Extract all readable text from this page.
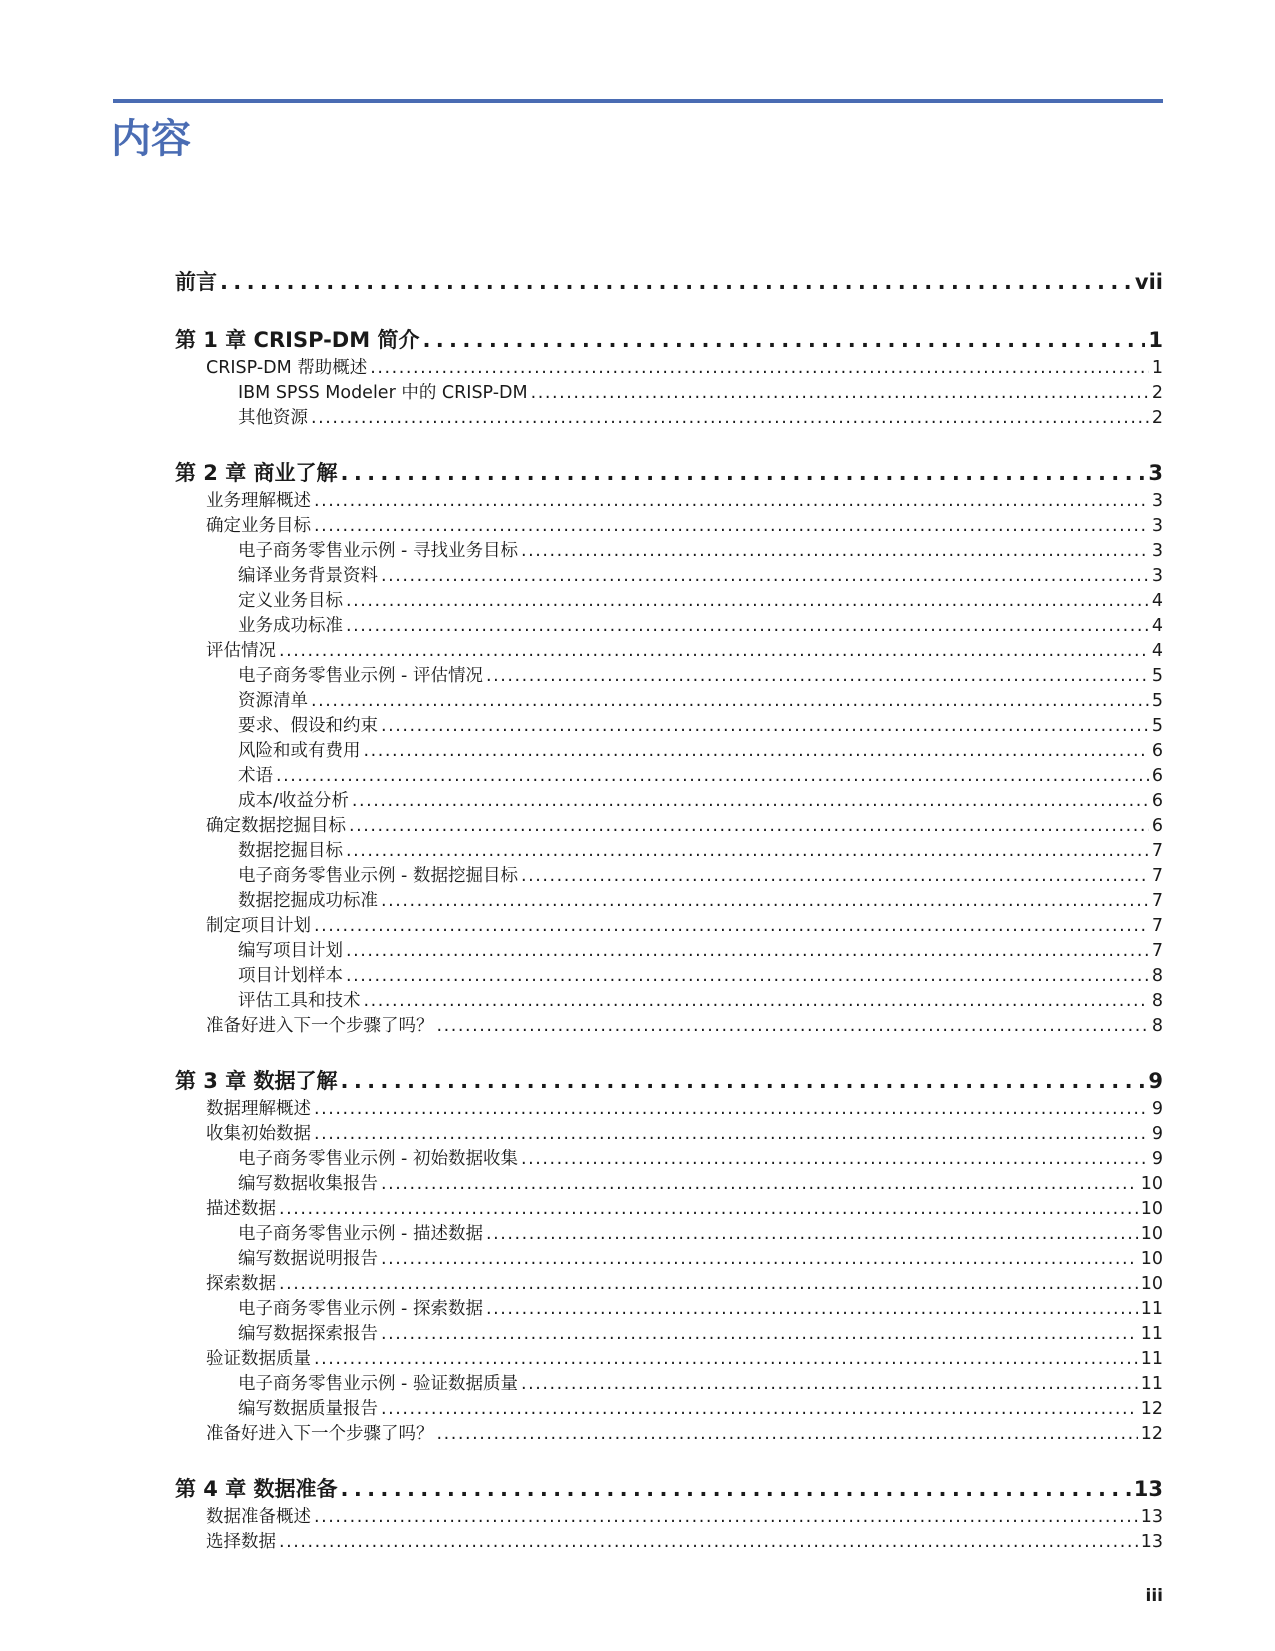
内容
前言 . . .	vii
第 1 章 CRISP-DM 简介 . . .	1
CRISP-DM 帮助概述 . . .	1
IBM SPSS Modeler 中的 CRISP-DM . . .	2
其他资源 . . .	2
第 2 章 商业了解 . . .	3
业务理解概述 . . .	3
确定业务目标 . . .	3
电子商务零售业示例 - 寻找业务目标 . . .	3
编译业务背景资料 . . .	3
定义业务目标 . . .	4
业务成功标准 . . .	4
评估情况 . . .	4
电子商务零售业示例 - 评估情况 . . .	5
资源清单 . . .	5
要求、假设和约束 . . .	5
风险和或有费用 . . .	6
术语 . . .	6
成本/收益分析 . . .	6
确定数据挖掘目标 . . .	6
数据挖掘目标 . . .	7
电子商务零售业示例 - 数据挖掘目标 . . .	7
数据挖掘成功标准 . . .	7
制定项目计划 . . .	7
编写项目计划 . . .	7
项目计划样本 . . .	8
评估工具和技术 . . .	8
准备好进入下一个步骤了吗？ . . .	8
第 3 章 数据了解 . . .	9
数据理解概述 . . .	9
收集初始数据 . . .	9
电子商务零售业示例 - 初始数据收集 . . .	9
编写数据收集报告 . . .	10
描述数据 . . .	10
电子商务零售业示例 - 描述数据 . . .	10
编写数据说明报告 . . .	10
探索数据 . . .	10
电子商务零售业示例 - 探索数据 . . .	11
编写数据探索报告 . . .	11
验证数据质量 . . .	11
电子商务零售业示例 - 验证数据质量 . . .	11
编写数据质量报告 . . .	12
准备好进入下一个步骤了吗？ . . .	12
第 4 章 数据准备 . . .	13
数据准备概述 . . .	13
选择数据 . . .	13
iii
